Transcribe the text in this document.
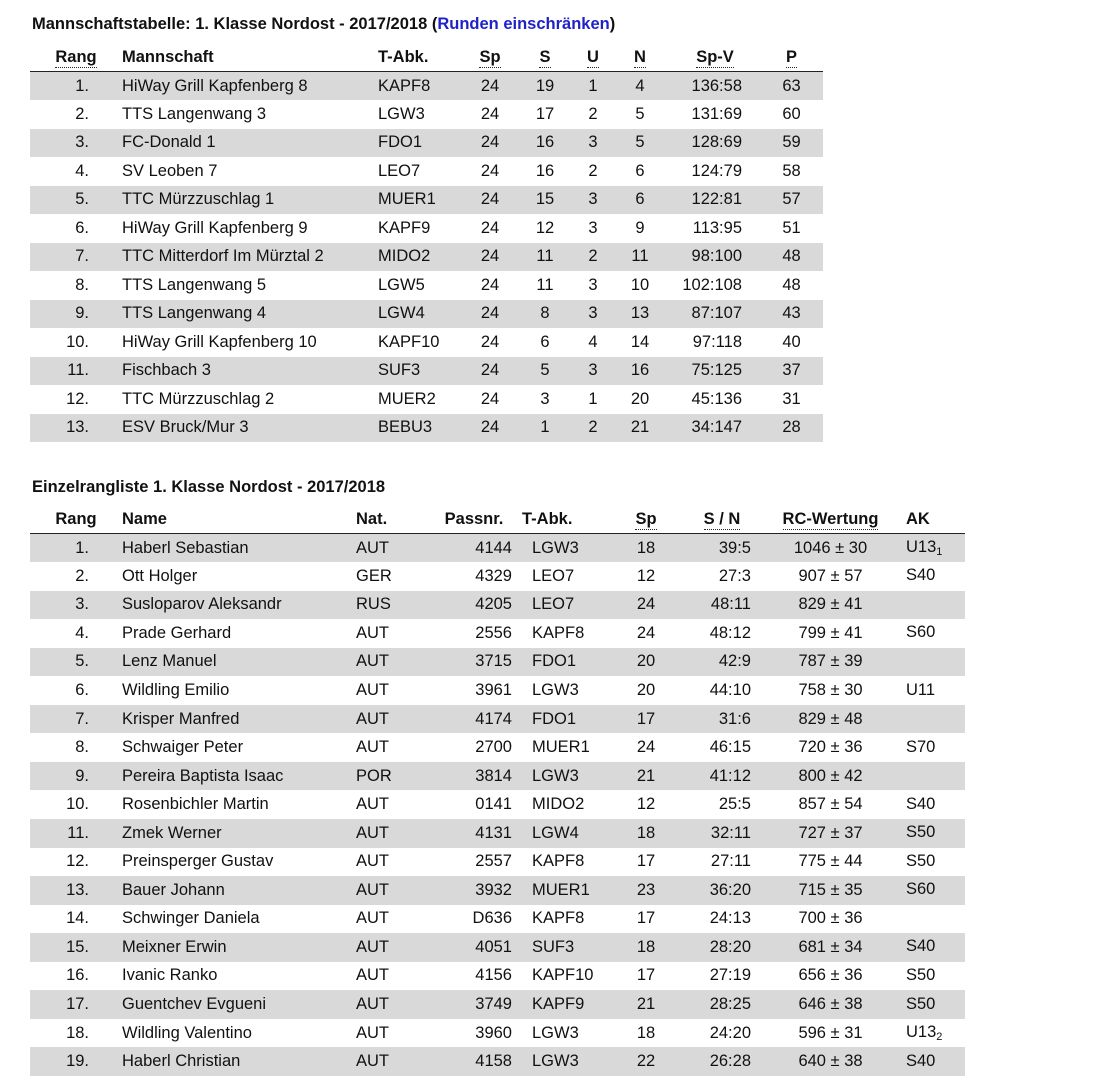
Mannschaftstabelle: 1. Klasse Nordost - 2017/2018 (Runden einschränken)
Rang		Mannschaft	T-Abk.	Sp	S	U	N	Sp-V	P
	1.	HiWay Grill Kapfenberg 8	KAPF8	24	19	1	4	136:58	63
	2.	TTS Langenwang 3	LGW3	24	17	2	5	131:69	60
	3.	FC-Donald 1	FDO1	24	16	3	5	128:69	59
	4.	SV Leoben 7	LEO7	24	16	2	6	124:79	58
	5.	TTC Mürzzuschlag 1	MUER1	24	15	3	6	122:81	57
	6.	HiWay Grill Kapfenberg 9	KAPF9	24	12	3	9	113:95	51
	7.	TTC Mitterdorf Im Mürztal 2	MIDO2	24	11	2	11	98:100	48
	8.	TTS Langenwang 5	LGW5	24	11	3	10	102:108	48
	9.	TTS Langenwang 4	LGW4	24	8	3	13	87:107	43
	10.	HiWay Grill Kapfenberg 10	KAPF10	24	6	4	14	97:118	40
	11.	Fischbach 3	SUF3	24	5	3	16	75:125	37
	12.	TTC Mürzzuschlag 2	MUER2	24	3	1	20	45:136	31
	13.	ESV Bruck/Mur 3	BEBU3	24	1	2	21	34:147	28
Einzelrangliste 1. Klasse Nordost - 2017/2018
Rang		Name	Nat.	Passnr.	T-Abk.	Sp	S / N	RC-Wertung	AK
	1.	Haberl Sebastian	AUT	4144	LGW3	18	39:5	1046 ± 30	$U13_1$
	2.	Ott Holger	GER	4329	LEO7	12	27:3	907 ± 57	S40
	3.	Susloparov Aleksandr	RUS	4205	LEO7	24	48:11	829 ± 41	
	4.	Prade Gerhard	AUT	2556	KAPF8	24	48:12	799 ± 41	S60
	5.	Lenz Manuel	AUT	3715	FDO1	20	42:9	787 ± 39	
	6.	Wildling Emilio	AUT	3961	LGW3	20	44:10	758 ± 30	U11
	7.	Krisper Manfred	AUT	4174	FDO1	17	31:6	829 ± 48	
	8.	Schwaiger Peter	AUT	2700	MUER1	24	46:15	720 ± 36	S70
	9.	Pereira Baptista Isaac	POR	3814	LGW3	21	41:12	800 ± 42	
	10.	Rosenbichler Martin	AUT	0141	MIDO2	12	25:5	857 ± 54	S40
	11.	Zmek Werner	AUT	4131	LGW4	18	32:11	727 ± 37	S50
	12.	Preinsperger Gustav	AUT	2557	KAPF8	17	27:11	775 ± 44	S50
	13.	Bauer Johann	AUT	3932	MUER1	23	36:20	715 ± 35	S60
	14.	Schwinger Daniela	AUT	D636	KAPF8	17	24:13	700 ± 36	
	15.	Meixner Erwin	AUT	4051	SUF3	18	28:20	681 ± 34	S40
	16.	Ivanic Ranko	AUT	4156	KAPF10	17	27:19	656 ± 36	S50
	17.	Guentchev Evgueni	AUT	3749	KAPF9	21	28:25	646 ± 38	S50
	18.	Wildling Valentino	AUT	3960	LGW3	18	24:20	596 ± 31	$U13_2$
	19.	Haberl Christian	AUT	4158	LGW3	22	26:28	640 ± 38	S40
